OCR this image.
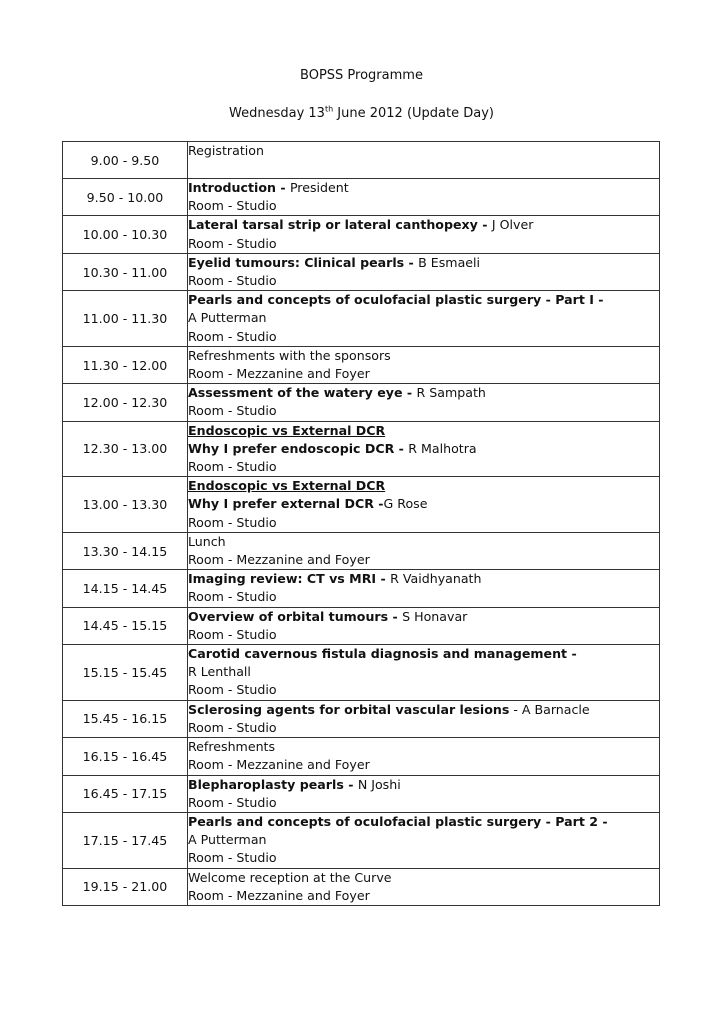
BOPSS Programme
Wednesday 13th June 2012 (Update Day)
9.00 - 9.50	Registration

9.50 - 10.00	Introduction - President
Room - Studio

10.00 - 10.30	Lateral tarsal strip or lateral canthopexy - J Olver
Room - Studio

10.30 - 11.00	Eyelid tumours: Clinical pearls - B Esmaeli
Room - Studio

11.00 - 11.30	Pearls and concepts of oculofacial plastic surgery - Part I -
A Putterman
Room - Studio

11.30 - 12.00	Refreshments with the sponsors
Room - Mezzanine and Foyer

12.00 - 12.30	Assessment of the watery eye - R Sampath
Room - Studio

12.30 - 13.00	Endoscopic vs External DCR
Why I prefer endoscopic DCR - R Malhotra
Room - Studio

13.00 - 13.30	Endoscopic vs External DCR
Why I prefer external DCR -G Rose
Room - Studio

13.30 - 14.15	Lunch
Room - Mezzanine and Foyer

14.15 - 14.45	Imaging review: CT vs MRI - R Vaidhyanath
Room - Studio

14.45 - 15.15	Overview of orbital tumours - S Honavar
Room - Studio

15.15 - 15.45	Carotid cavernous fistula diagnosis and management -
R Lenthall
Room - Studio

15.45 - 16.15	Sclerosing agents for orbital vascular lesions - A Barnacle
Room - Studio

16.15 - 16.45	Refreshments
Room - Mezzanine and Foyer

16.45 - 17.15	Blepharoplasty pearls - N Joshi
Room - Studio

17.15 - 17.45	Pearls and concepts of oculofacial plastic surgery - Part 2 -
A Putterman
Room - Studio

19.15 - 21.00	Welcome reception at the Curve
Room - Mezzanine and Foyer
